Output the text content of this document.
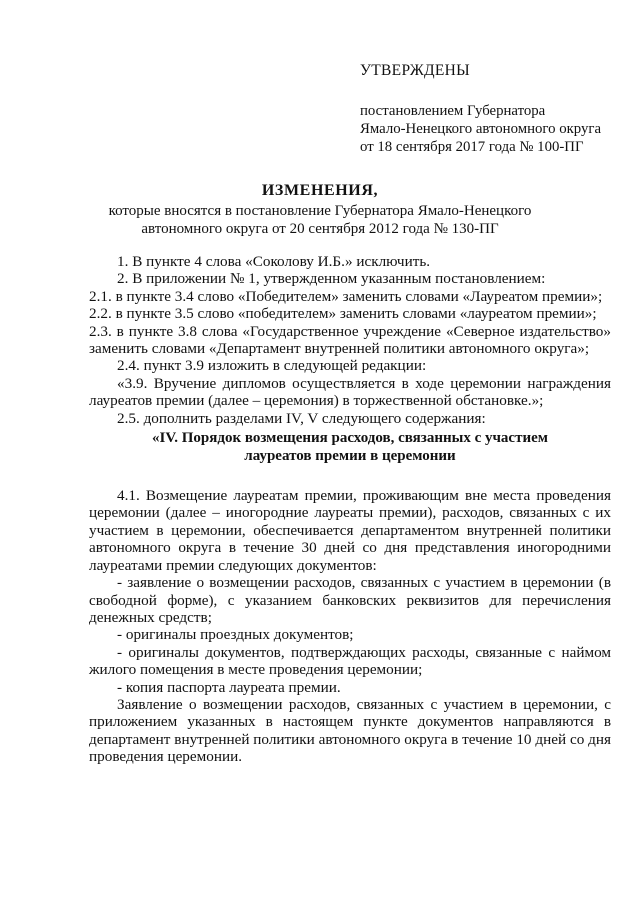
УТВЕРЖДЕНЫ
постановлением Губернатора
Ямало-Ненецкого автономного округа
от 18 сентября 2017 года № 100-ПГ
ИЗМЕНЕНИЯ,
которые вносятся в постановление Губернатора Ямало-Ненецкого
автономного округа от 20 сентября 2012 года № 130-ПГ

1. В пункте 4 слова «Соколову И.Б.» исключить.

2. В приложении № 1, утвержденном указанным постановлением:

2.1. в пункте 3.4 слово «Победителем» заменить словами «Лауреатом премии»;

2.2. в пункте 3.5 слово «победителем» заменить словами «лауреатом премии»;

2.3. в пункте 3.8 слова «Государственное учреждение «Северное издательство» заменить словами «Департамент внутренней политики автономного округа»;

2.4. пункт 3.9 изложить в следующей редакции:

«3.9. Вручение дипломов осуществляется в ходе церемонии награждения лауреатов премии (далее – церемония) в торжественной обстановке.»;

2.5. дополнить разделами IV, V следующего содержания:

«IV. Порядок возмещения расходов, связанных с участием
лауреатов премии в церемонии

4.1. Возмещение лауреатам премии, проживающим вне места проведения церемонии (далее – иногородние лауреаты премии), расходов, связанных с их участием в церемонии, обеспечивается департаментом внутренней политики автономного округа в течение 30 дней со дня представления иногородними лауреатами премии следующих документов:

- заявление о возмещении расходов, связанных с участием в церемонии (в свободной форме), с указанием банковских реквизитов для перечисления денежных средств;

- оригиналы проездных документов;

- оригиналы документов, подтверждающих расходы, связанные с наймом жилого помещения в месте проведения церемонии;

- копия паспорта лауреата премии.

Заявление о возмещении расходов, связанных с участием в церемонии, с приложением указанных в настоящем пункте документов направляются в департамент внутренней политики автономного округа в течение 10 дней со дня проведения церемонии.
